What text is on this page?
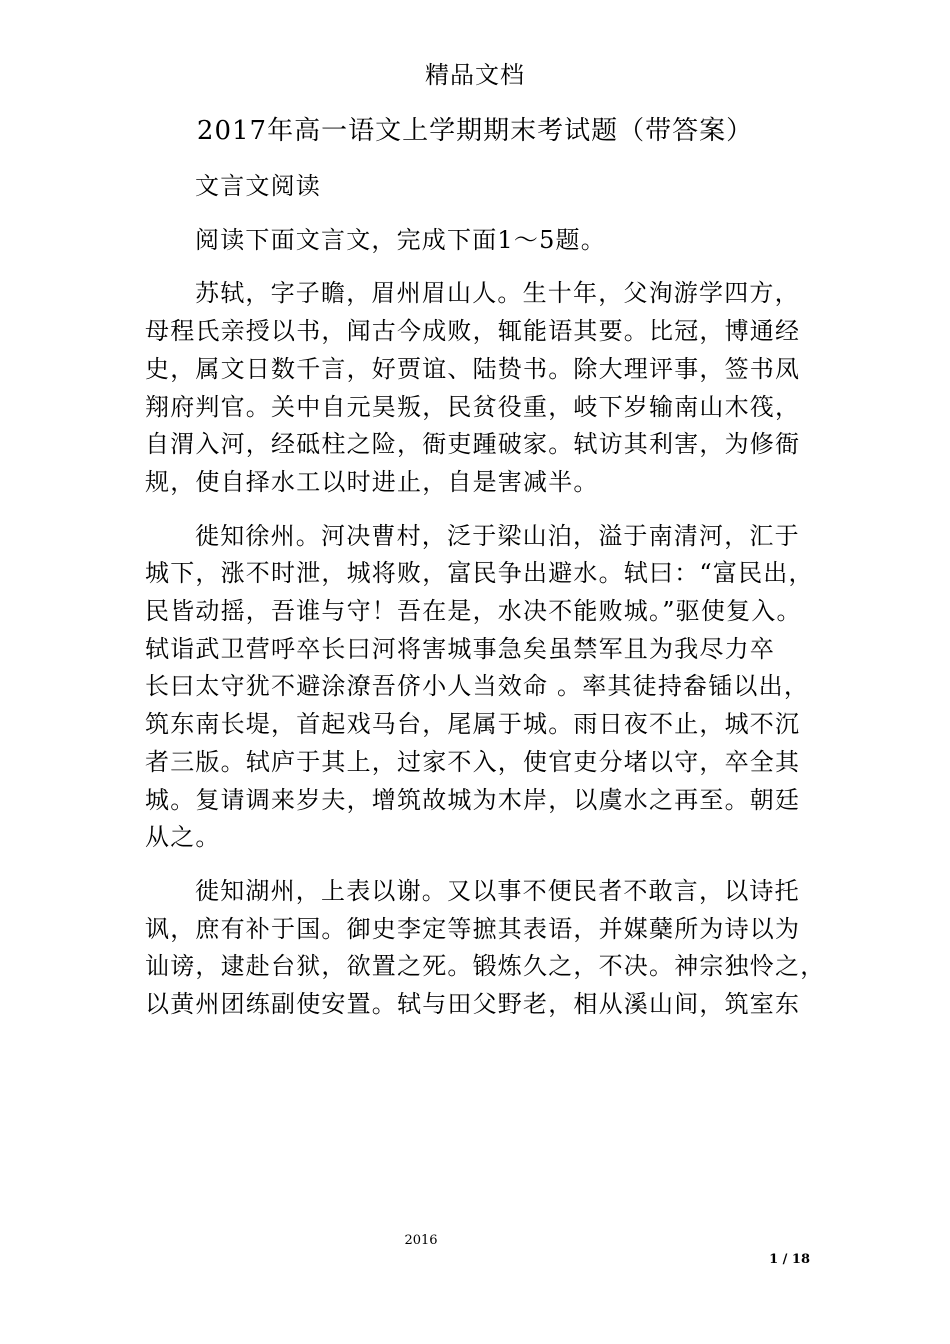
精品文档
2017年高一语文上学期期末考试题（带答案）

文言文阅读

阅读下面文言文，完成下面1～5题。

苏轼，字子瞻，眉州眉山人。生十年，父洵游学四方，
母程氏亲授以书，闻古今成败，辄能语其要。比冠，博通经
史，属文日数千言，好贾谊、陆贽书。除大理评事，签书凤
翔府判官。关中自元昊叛，民贫役重，岐下岁输南山木筏，
自渭入河，经砥柱之险，衙吏踵破家。轼访其利害，为修衙
规，使自择水工以时进止，自是害减半。
徙知徐州。河决曹村，泛于梁山泊，溢于南清河，汇于
城下，涨不时泄，城将败，富民争出避水。轼曰：“富民出，
民皆动摇，吾谁与守！吾在是，水决不能败城。”驱使复入。
轼诣武卫营呼卒长曰河将害城事急矣虽禁军且为我尽力卒
长曰太守犹不避涂潦吾侪小人当效命 。率其徒持畚锸以出，
筑东南长堤，首起戏马台，尾属于城。雨日夜不止，城不沉
者三版。轼庐于其上，过家不入，使官吏分堵以守，卒全其
城。复请调来岁夫，增筑故城为木岸，以虞水之再至。朝廷
从之。
徙知湖州，上表以谢。又以事不便民者不敢言，以诗托
讽，庶有补于国。御史李定等摭其表语，并媒蘖所为诗以为
讪谤，逮赴台狱，欲置之死。锻炼久之，不决。神宗独怜之，
以黄州团练副使安置。轼与田父野老，相从溪山间，筑室东
2016
1 / 18
